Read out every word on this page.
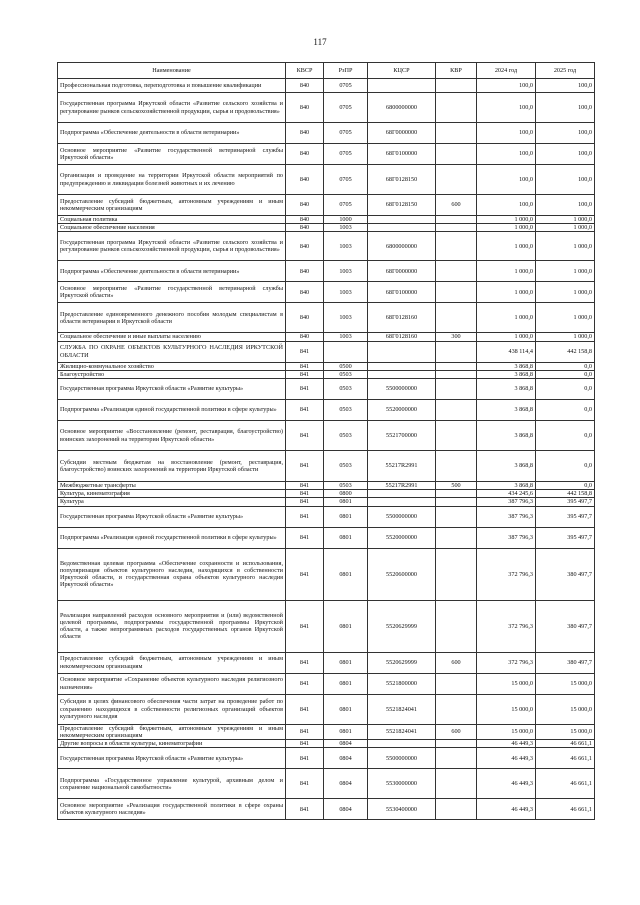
117
Наименование	КВСР	РзПР	КЦСР	КВР	2024 год	2025 год
Профессиональная подготовка, переподготовка и повышение квалификации	840	0705			100,0	100,0
Государственная программа Иркутской области «Развитие сельского хозяйства и регулирование рынков сельскохозяйственной продукции, сырья и продовольствия»	840	0705	6800000000		100,0	100,0
Подпрограмма «Обеспечение деятельности в области ветеринарии»	840	0705	68Г0000000		100,0	100,0
Основное мероприятие «Развитие государственной ветеринарной службы Иркутской области»	840	0705	68Г0100000		100,0	100,0
Организация и проведение на территории Иркутской области мероприятий по предупреждению и ликвидации болезней животных и их лечению	840	0705	68Г0128150		100,0	100,0
Предоставление субсидий бюджетным, автономным учреждениям и иным некоммерческим организациям	840	0705	68Г0128150	600	100,0	100,0
Социальная политика	840	1000			1 000,0	1 000,0
Социальное обеспечение населения	840	1003			1 000,0	1 000,0
Государственная программа Иркутской области «Развитие сельского хозяйства и регулирование рынков сельскохозяйственной продукции, сырья и продовольствия»	840	1003	6800000000		1 000,0	1 000,0
Подпрограмма «Обеспечение деятельности в области ветеринарии»	840	1003	68Г0000000		1 000,0	1 000,0
Основное мероприятие «Развитие государственной ветеринарной службы Иркутской области»	840	1003	68Г0100000		1 000,0	1 000,0
Предоставление единовременного денежного пособия молодым специалистам в области ветеринарии в Иркутской области	840	1003	68Г0128160		1 000,0	1 000,0
Социальное обеспечение и иные выплаты населению	840	1003	68Г0128160	300	1 000,0	1 000,0
СЛУЖБА ПО ОХРАНЕ ОБЪЕКТОВ КУЛЬТУРНОГО НАСЛЕДИЯ ИРКУТСКОЙ ОБЛАСТИ	841				438 114,4	442 158,8
Жилищно-коммунальное хозяйство	841	0500			3 868,8	0,0
Благоустройство	841	0503			3 868,8	0,0
Государственная программа Иркутской области «Развитие культуры»	841	0503	5500000000		3 868,8	0,0
Подпрограмма «Реализация единой государственной политики в сфере культуры»	841	0503	5520000000		3 868,8	0,0
Основное мероприятие «Восстановление (ремонт, реставрация, благоустройство) воинских захоронений на территории Иркутской области»	841	0503	5521700000		3 868,8	0,0
Субсидии местным бюджетам на восстановление (ремонт, реставрация, благоустройство) воинских захоронений на территории Иркутской области	841	0503	55217R2991		3 868,8	0,0
Межбюджетные трансферты	841	0503	55217R2991	500	3 868,8	0,0
Культура, кинематография	841	0800			434 245,6	442 158,8
Культура	841	0801			387 796,3	395 497,7
Государственная программа Иркутской области «Развитие культуры»	841	0801	5500000000		387 796,3	395 497,7
Подпрограмма «Реализация единой государственной политики в сфере культуры»	841	0801	5520000000		387 796,3	395 497,7
Ведомственная целевая программа «Обеспечение сохранности и использования, популяризация объектов культурного наследия, находящихся в собственности Иркутской области, и государственная охрана объектов культурного наследия Иркутской области»	841	0801	5520600000		372 796,3	380 497,7
Реализация направлений расходов основного мероприятия и (или) ведомственной целевой программы, подпрограммы государственной программы Иркутской области, а также непрограммных расходов государственных органов Иркутской области	841	0801	5520629999		372 796,3	380 497,7
Предоставление субсидий бюджетным, автономным учреждениям и иным некоммерческим организациям	841	0801	5520629999	600	372 796,3	380 497,7
Основное мероприятие «Сохранение объектов культурного наследия религиозного назначения»	841	0801	5521800000		15 000,0	15 000,0
Субсидии в целях финансового обеспечения части затрат на проведение работ по сохранению находящихся в собственности религиозных организаций объектов культурного наследия	841	0801	5521824041		15 000,0	15 000,0
Предоставление субсидий бюджетным, автономным учреждениям и иным некоммерческим организациям	841	0801	5521824041	600	15 000,0	15 000,0
Другие вопросы в области культуры, кинематографии	841	0804			46 449,3	46 661,1
Государственная программа Иркутской области «Развитие культуры»	841	0804	5500000000		46 449,3	46 661,1
Подпрограмма «Государственное управление культурой, архивным делом и сохранение национальной самобытности»	841	0804	5530000000		46 449,3	46 661,1
Основное мероприятие «Реализация государственной политики в сфере охраны объектов культурного наследия»	841	0804	5530400000		46 449,3	46 661,1
